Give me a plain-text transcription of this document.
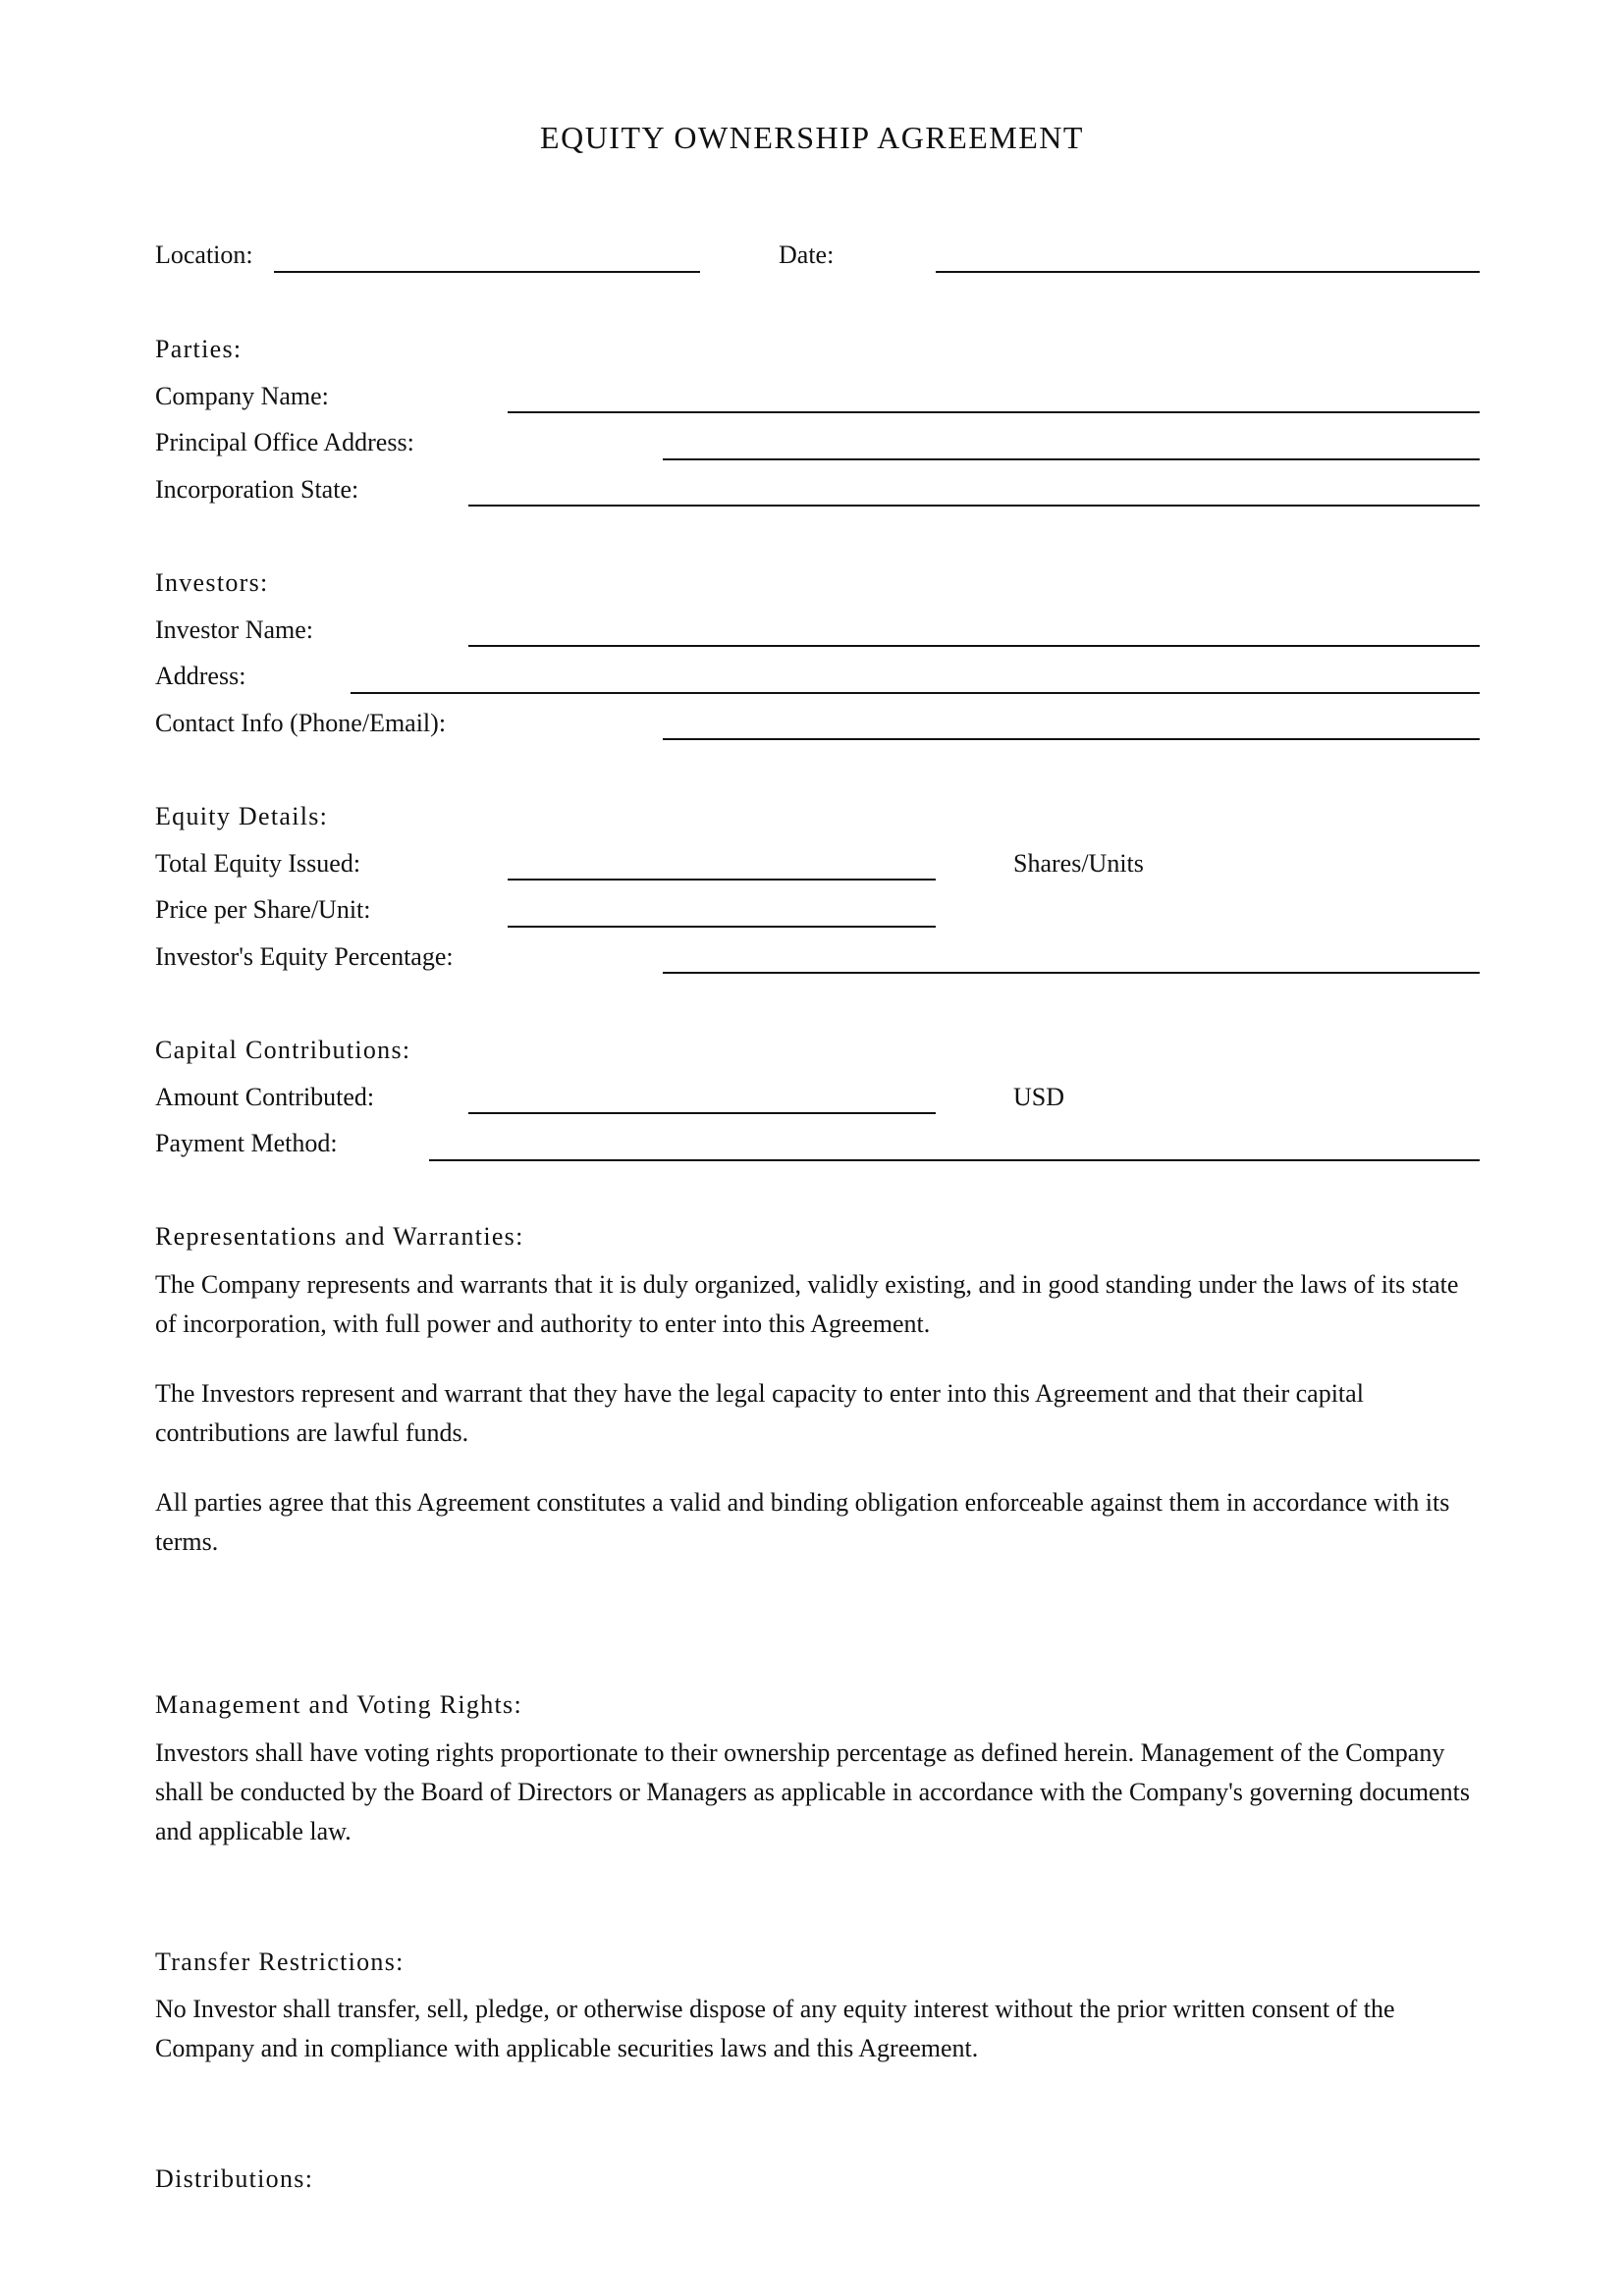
EQUITY OWNERSHIP AGREEMENT
Location:	Date:
Parties:
Company Name:
Principal Office Address:
Incorporation State:
Investors:
Investor Name:
Address:
Contact Info (Phone/Email):
Equity Details:
Total Equity Issued:	Shares/Units
Price per Share/Unit:
Investor's Equity Percentage:
Capital Contributions:
Amount Contributed:	USD
Payment Method:
Representations and Warranties:
The Company represents and warrants that it is duly organized, validly existing, and in good standing under the laws of its state of incorporation, with full power and authority to enter into this Agreement.
The Investors represent and warrant that they have the legal capacity to enter into this Agreement and that their capital contributions are lawful funds.
All parties agree that this Agreement constitutes a valid and binding obligation enforceable against them in accordance with its terms.
Management and Voting Rights:
Investors shall have voting rights proportionate to their ownership percentage as defined herein. Management of the Company shall be conducted by the Board of Directors or Managers as applicable in accordance with the Company's governing documents and applicable law.
Transfer Restrictions:
No Investor shall transfer, sell, pledge, or otherwise dispose of any equity interest without the prior written consent of the Company and in compliance with applicable securities laws and this Agreement.
Distributions:
